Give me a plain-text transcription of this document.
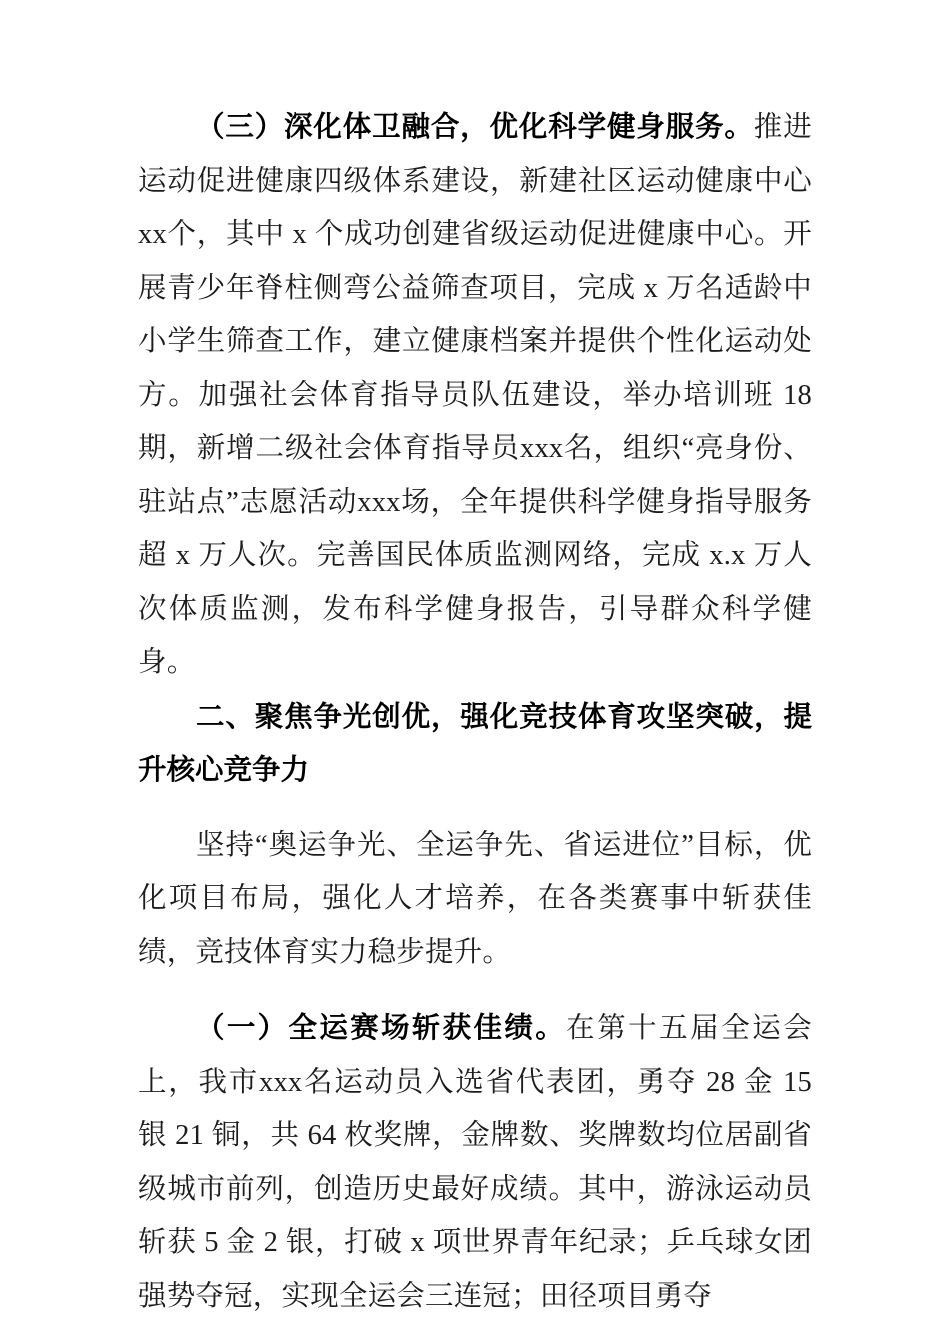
（三）深化体卫融合，优化科学健身服务。推进运动促进健康四级体系建设，新建社区运动健康中心xx个，其中 x 个成功创建省级运动促进健康中心。开展青少年脊柱侧弯公益筛查项目，完成 x 万名适龄中小学生筛查工作，建立健康档案并提供个性化运动处方。加强社会体育指导员队伍建设，举办培训班 18 期，新增二级社会体育指导员xxx名，组织“亮身份、驻站点”志愿活动xxx场，全年提供科学健身指导服务超 x 万人次。完善国民体质监测网络，完成 x.x 万人次体质监测，发布科学健身报告，引导群众科学健身。

二、聚焦争光创优，强化竞技体育攻坚突破，提升核心竞争力

坚持“奥运争光、全运争先、省运进位”目标，优化项目布局，强化人才培养，在各类赛事中斩获佳绩，竞技体育实力稳步提升。

（一）全运赛场斩获佳绩。在第十五届全运会上，我市xxx名运动员入选省代表团，勇夺 28 金 15 银 21 铜，共 64 枚奖牌，金牌数、奖牌数均位居副省级城市前列，创造历史最好成绩。其中，游泳运动员斩获 5 金 2 银，打破 x 项世界青年纪录；乒乓球女团强势夺冠，实现全运会三连冠；田径项目勇夺
